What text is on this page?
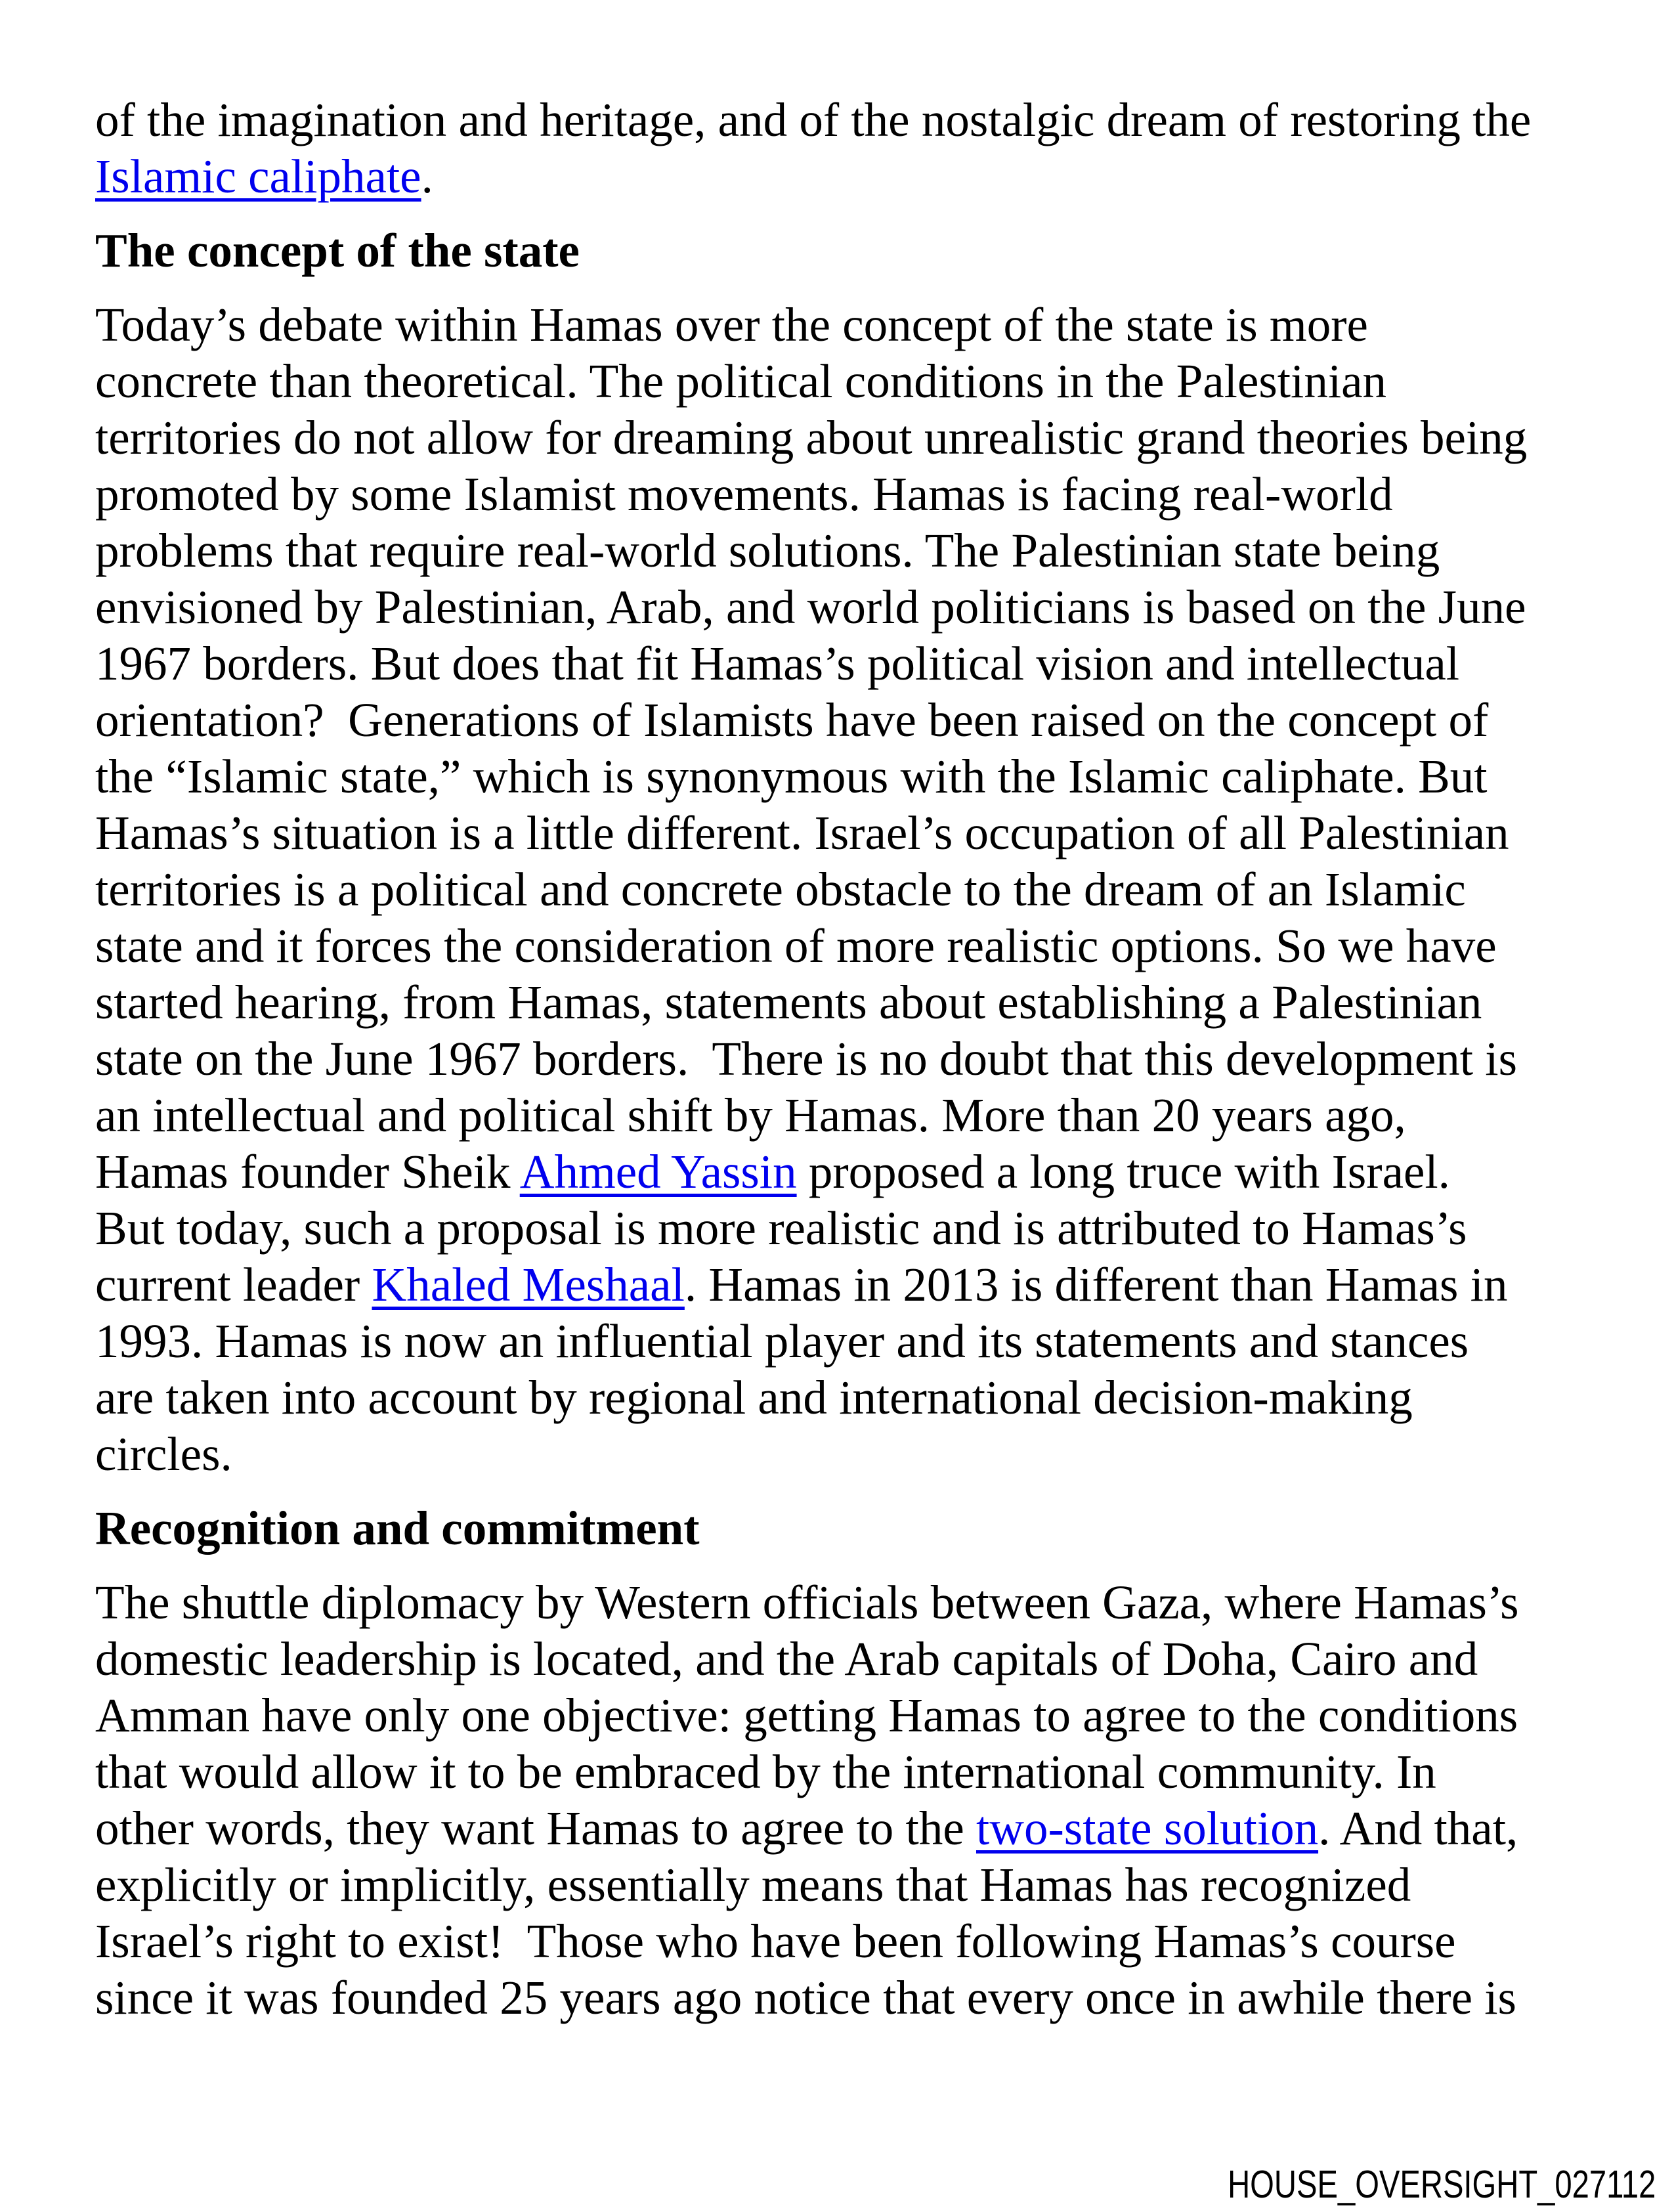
of the imagination and heritage, and of the nostalgic dream of restoring the
Islamic caliphate.
The concept of the state
Today’s debate within Hamas over the concept of the state is more
concrete than theoretical. The political conditions in the Palestinian
territories do not allow for dreaming about unrealistic grand theories being
promoted by some Islamist movements. Hamas is facing real-world
problems that require real-world solutions. The Palestinian state being
envisioned by Palestinian, Arab, and world politicians is based on the June
1967 borders. But does that fit Hamas’s political vision and intellectual
orientation?  Generations of Islamists have been raised on the concept of
the “Islamic state,” which is synonymous with the Islamic caliphate. But
Hamas’s situation is a little different. Israel’s occupation of all Palestinian
territories is a political and concrete obstacle to the dream of an Islamic
state and it forces the consideration of more realistic options. So we have
started hearing, from Hamas, statements about establishing a Palestinian
state on the June 1967 borders.  There is no doubt that this development is
an intellectual and political shift by Hamas. More than 20 years ago,
Hamas founder Sheik Ahmed Yassin proposed a long truce with Israel.
But today, such a proposal is more realistic and is attributed to Hamas’s
current leader Khaled Meshaal. Hamas in 2013 is different than Hamas in
1993. Hamas is now an influential player and its statements and stances
are taken into account by regional and international decision-making
circles.
Recognition and commitment
The shuttle diplomacy by Western officials between Gaza, where Hamas’s
domestic leadership is located, and the Arab capitals of Doha, Cairo and
Amman have only one objective: getting Hamas to agree to the conditions
that would allow it to be embraced by the international community. In
other words, they want Hamas to agree to the two-state solution. And that,
explicitly or implicitly, essentially means that Hamas has recognized
Israel’s right to exist!  Those who have been following Hamas’s course
since it was founded 25 years ago notice that every once in awhile there is
HOUSE_OVERSIGHT_027112
